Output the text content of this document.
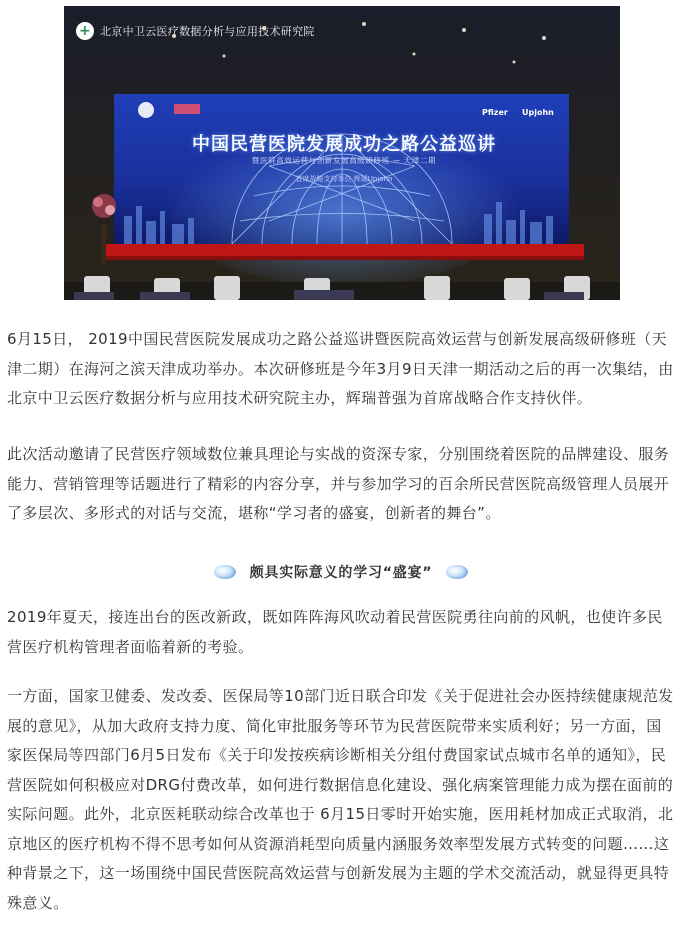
+
北京中卫云医疗数据分析与应用技术研究院
Pfizer Upjohn
中国民营医院发展成功之路公益巡讲
暨医院高效运营与创新发展高级研修班 — 天津二期
首席战略支持单位 辉瑞Upjohn

6月15日， 2019中国民营医院发展成功之路公益巡讲暨医院高效运营与创新发展高级研修班（天津二期）在海河之滨天津成功举办。本次研修班是今年3月9日天津一期活动之后的再一次集结，由北京中卫云医疗数据分析与应用技术研究院主办，辉瑞普强为首席战略合作支持伙伴。

此次活动邀请了民营医疗领域数位兼具理论与实战的资深专家，分别围绕着医院的品牌建设、服务能力、营销管理等话题进行了精彩的内容分享，并与参加学习的百余所民营医院高级管理人员展开了多层次、多形式的对话与交流，堪称“学习者的盛宴，创新者的舞台”。

颇具实际意义的学习“盛宴”

2019年夏天，接连出台的医改新政，既如阵阵海风吹动着民营医院勇往向前的风帆，也使许多民营医疗机构管理者面临着新的考验。

一方面，国家卫健委、发改委、医保局等10部门近日联合印发《关于促进社会办医持续健康规范发展的意见》，从加大政府支持力度、简化审批服务等环节为民营医院带来实质利好；另一方面，国家医保局等四部门6月5日发布《关于印发按疾病诊断相关分组付费国家试点城市名单的通知》，民营医院如何积极应对DRG付费改革，如何进行数据信息化建设、强化病案管理能力成为摆在面前的实际问题。此外，北京医耗联动综合改革也于 6月15日零时开始实施，医用耗材加成正式取消，北京地区的医疗机构不得不思考如何从资源消耗型向质量内涵服务效率型发展方式转变的问题……这种背景之下，这一场围绕中国民营医院高效运营与创新发展为主题的学术交流活动，就显得更具特殊意义。
